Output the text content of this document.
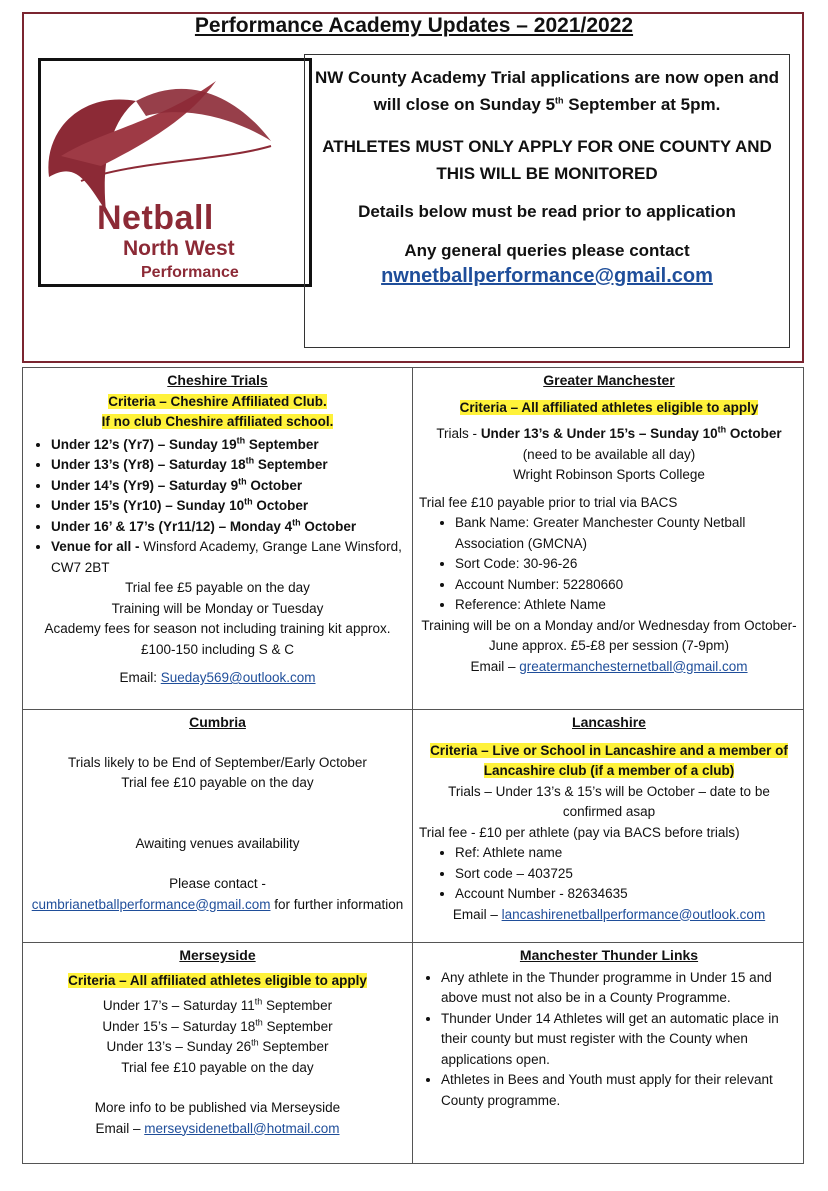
Performance Academy Updates – 2021/2022
Netball
North West
Performance

NW County Academy Trial applications are now open and will close on Sunday 5th September at 5pm.

ATHLETES MUST ONLY APPLY FOR ONE COUNTY AND THIS WILL BE MONITORED

Details below must be read prior to application

Any general queries please contact

nwnetballperformance@gmail.com
Cheshire Trials
Criteria – Cheshire Affiliated Club.
If no club Cheshire affiliated school.
• Under 12’s (Yr7) – Sunday 19th September
• Under 13’s (Yr8) – Saturday 18th September
• Under 14’s (Yr9) – Saturday 9th October
• Under 15’s (Yr10) – Sunday 10th October
• Under 16’ & 17’s (Yr11/12) – Monday 4th October
• Venue for all - Winsford Academy, Grange Lane Winsford, CW7 2BT
Trial fee £5 payable on the day
Training will be Monday or Tuesday
Academy fees for season not including training kit approx. £100-150 including S & C
Email: Sueday569@outlook.com
Greater Manchester
Criteria – All affiliated athletes eligible to apply
Trials - Under 13’s & Under 15’s – Sunday 10th October (need to be available all day)
Wright Robinson Sports College
Trial fee £10 payable prior to trial via BACS
• Bank Name: Greater Manchester County Netball Association (GMCNA)
• Sort Code: 30-96-26
• Account Number: 52280660
• Reference: Athlete Name
Training will be on a Monday and/or Wednesday from October-June approx. £5-£8 per session (7-9pm)
Email – greatermanchesternetball@gmail.com
Cumbria
Trials likely to be End of September/Early October
Trial fee £10 payable on the day
Awaiting venues availability
Please contact -
cumbrianetballperformance@gmail.com for further information
Lancashire
Criteria – Live or School in Lancashire and a member of Lancashire club (if a member of a club)
Trials – Under 13’s & 15’s will be October – date to be confirmed asap
Trial fee - £10 per athlete (pay via BACS before trials)
• Ref: Athlete name
• Sort code – 403725
• Account Number - 82634635
Email – lancashirenetballperformance@outlook.com
Merseyside
Criteria – All affiliated athletes eligible to apply
Under 17’s – Saturday 11th September
Under 15’s – Saturday 18th September
Under 13’s – Sunday 26th September
Trial fee £10 payable on the day
More info to be published via Merseyside
Email – merseysidenetball@hotmail.com
Manchester Thunder Links
• Any athlete in the Thunder programme in Under 15 and above must not also be in a County Programme.
• Thunder Under 14 Athletes will get an automatic place in their county but must register with the County when applications open.
• Athletes in Bees and Youth must apply for their relevant County programme.
